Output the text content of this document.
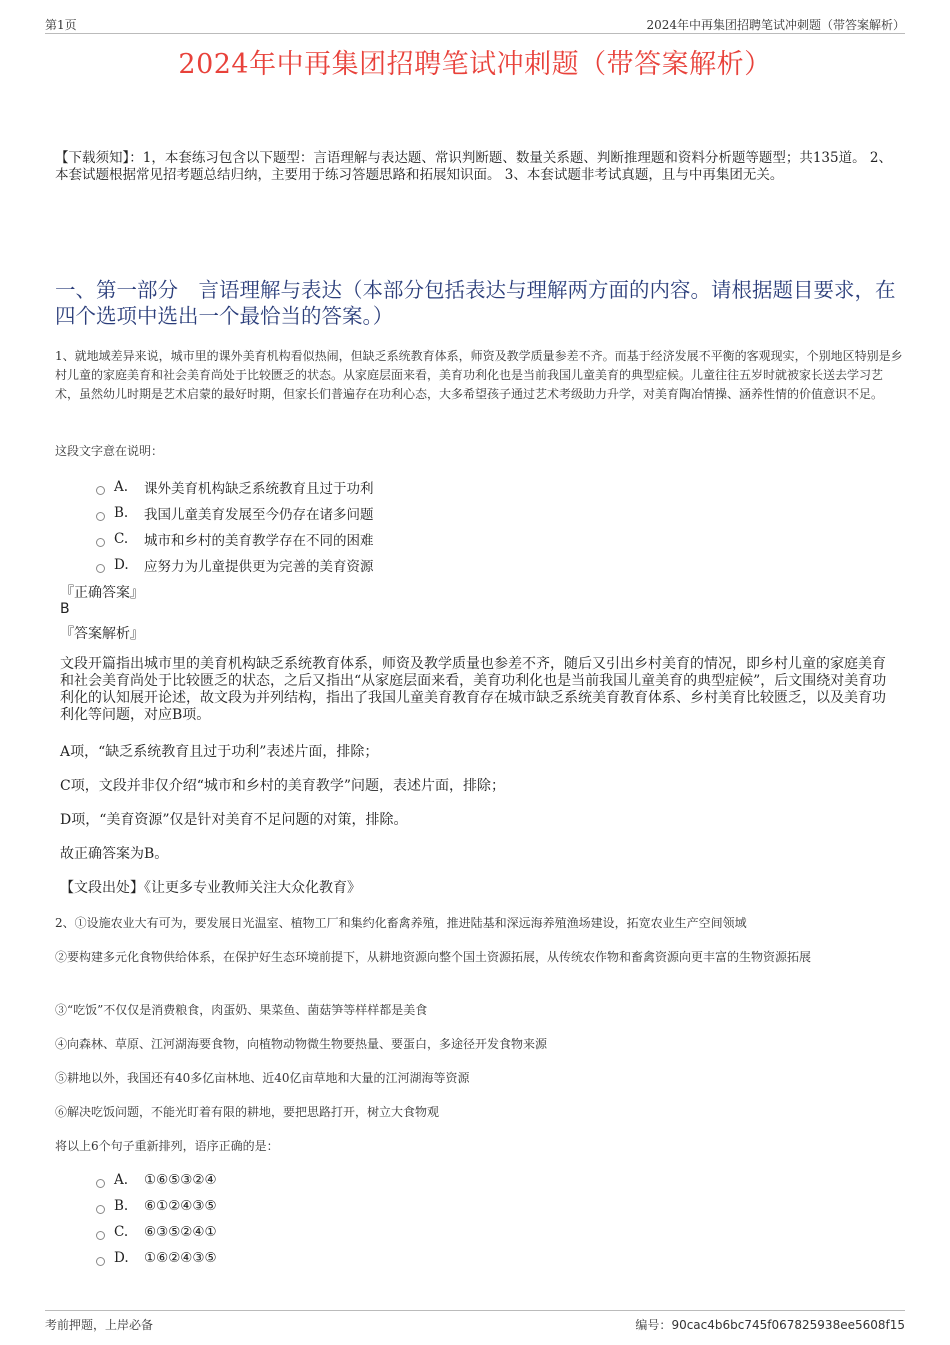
第1页	2024年中再集团招聘笔试冲刺题（带答案解析）
2024年中再集团招聘笔试冲刺题（带答案解析）
【下载须知】：1，本套练习包含以下题型：言语理解与表达题、常识判断题、数量关系题、判断推理题和资料分析题等题型；共135道。 2、本套试题根据常见招考题总结归纳，主要用于练习答题思路和拓展知识面。 3、本套试题非考试真题，且与中再集团无关。
一、第一部分　言语理解与表达（本部分包括表达与理解两方面的内容。请根据题目要求，在四个选项中选出一个最恰当的答案。）
1、就地域差异来说，城市里的课外美育机构看似热闹，但缺乏系统教育体系，师资及教学质量参差不齐。而基于经济发展不平衡的客观现实，个别地区特别是乡村儿童的家庭美育和社会美育尚处于比较匮乏的状态。从家庭层面来看，美育功利化也是当前我国儿童美育的典型症候。儿童往往五岁时就被家长送去学习艺术，虽然幼儿时期是艺术启蒙的最好时期，但家长们普遍存在功利心态，大多希望孩子通过艺术考级助力升学，对美育陶冶情操、涵养性情的价值意识不足。
这段文字意在说明：
A.	课外美育机构缺乏系统教育且过于功利
B.	我国儿童美育发展至今仍存在诸多问题
C.	城市和乡村的美育教学存在不同的困难
D.	应努力为儿童提供更为完善的美育资源
『正确答案』
B
『答案解析』
文段开篇指出城市里的美育机构缺乏系统教育体系，师资及教学质量也参差不齐，随后又引出乡村美育的情况，即乡村儿童的家庭美育和社会美育尚处于比较匮乏的状态，之后又指出“从家庭层面来看，美育功利化也是当前我国儿童美育的典型症候”，后文围绕对美育功利化的认知展开论述，故文段为并列结构，指出了我国儿童美育教育存在城市缺乏系统美育教育体系、乡村美育比较匮乏，以及美育功利化等问题，对应B项。
A项，“缺乏系统教育且过于功利”表述片面，排除；
C项，文段并非仅介绍“城市和乡村的美育教学”问题，表述片面，排除；
D项，“美育资源”仅是针对美育不足问题的对策，排除。
故正确答案为B。
【文段出处】《让更多专业教师关注大众化教育》
2、①设施农业大有可为，要发展日光温室、植物工厂和集约化畜禽养殖，推进陆基和深远海养殖渔场建设，拓宽农业生产空间领域
②要构建多元化食物供给体系，在保护好生态环境前提下，从耕地资源向整个国土资源拓展，从传统农作物和畜禽资源向更丰富的生物资源拓展
③“吃饭”不仅仅是消费粮食，肉蛋奶、果菜鱼、菌菇笋等样样都是美食
④向森林、草原、江河湖海要食物，向植物动物微生物要热量、要蛋白，多途径开发食物来源
⑤耕地以外，我国还有40多亿亩林地、近40亿亩草地和大量的江河湖海等资源
⑥解决吃饭问题，不能光盯着有限的耕地，要把思路打开，树立大食物观
将以上6个句子重新排列，语序正确的是：
A.	①⑥⑤③②④
B.	⑥①②④③⑤
C.	⑥③⑤②④①
D.	①⑥②④③⑤
考前押题，上岸必备	编号：90cac4b6bc745f067825938ee5608f15
